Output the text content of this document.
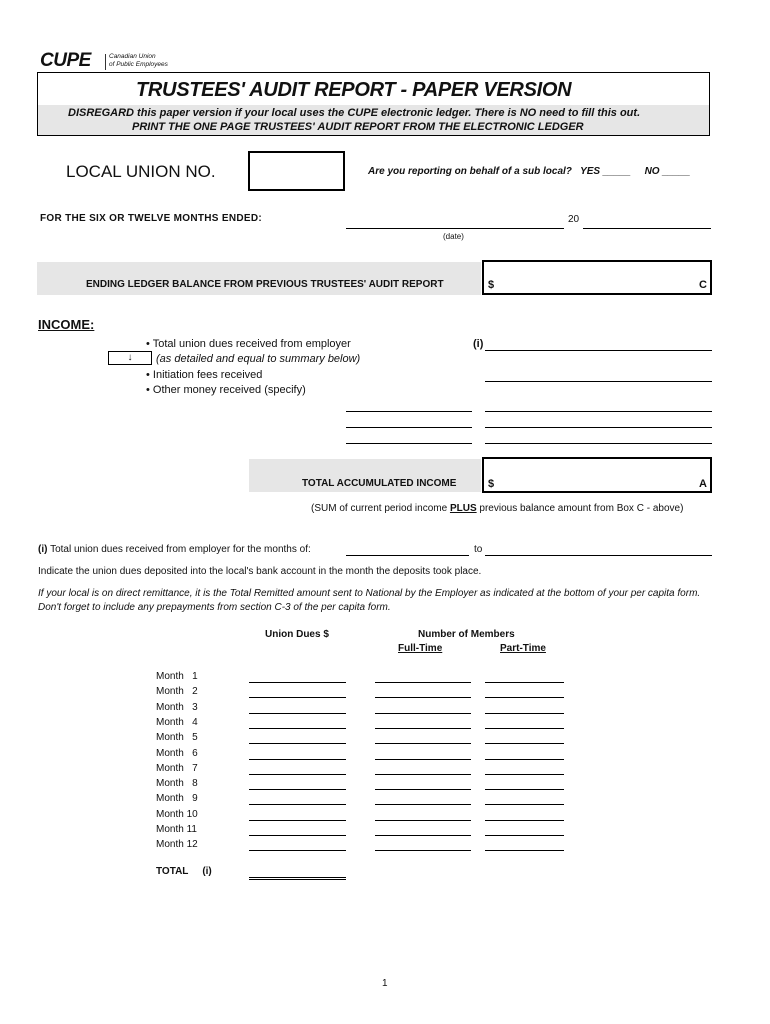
CUPE	Canadian Union
of Public Employees
TRUSTEES' AUDIT REPORT - PAPER VERSION
DISREGARD this paper version if your local uses the CUPE electronic ledger. There is NO need to fill this out.
PRINT THE ONE PAGE TRUSTEES' AUDIT REPORT FROM THE ELECTRONIC LEDGER
LOCAL UNION NO.	Are you reporting on behalf of a sub local? YES _____ NO _____
FOR THE SIX OR TWELVE MONTHS ENDED:	20
(date)
ENDING LEDGER BALANCE FROM PREVIOUS TRUSTEES' AUDIT REPORT	$	C
INCOME:
• Total union dues received from employer
↓	(as detailed and equal to summary below)
• Initiation fees received
• Other money received (specify)
(i)
TOTAL ACCUMULATED INCOME	$	A
(SUM of current period income PLUS previous balance amount from Box C - above)
(i) Total union dues received from employer for the months of:	to
Indicate the union dues deposited into the local's bank account in the month the deposits took place.
If your local is on direct remittance, it is the Total Remitted amount sent to National by the Employer as indicated at the bottom of your per capita form. Don't forget to include any prepayments from section C-3 of the per capita form.
Union Dues $	Number of Members
Full-Time	Part-Time
Month   1
Month   2
Month   3
Month   4
Month   5
Month   6
Month   7
Month   8
Month   9
Month 10
Month 11
Month 12
TOTAL (i)
1
